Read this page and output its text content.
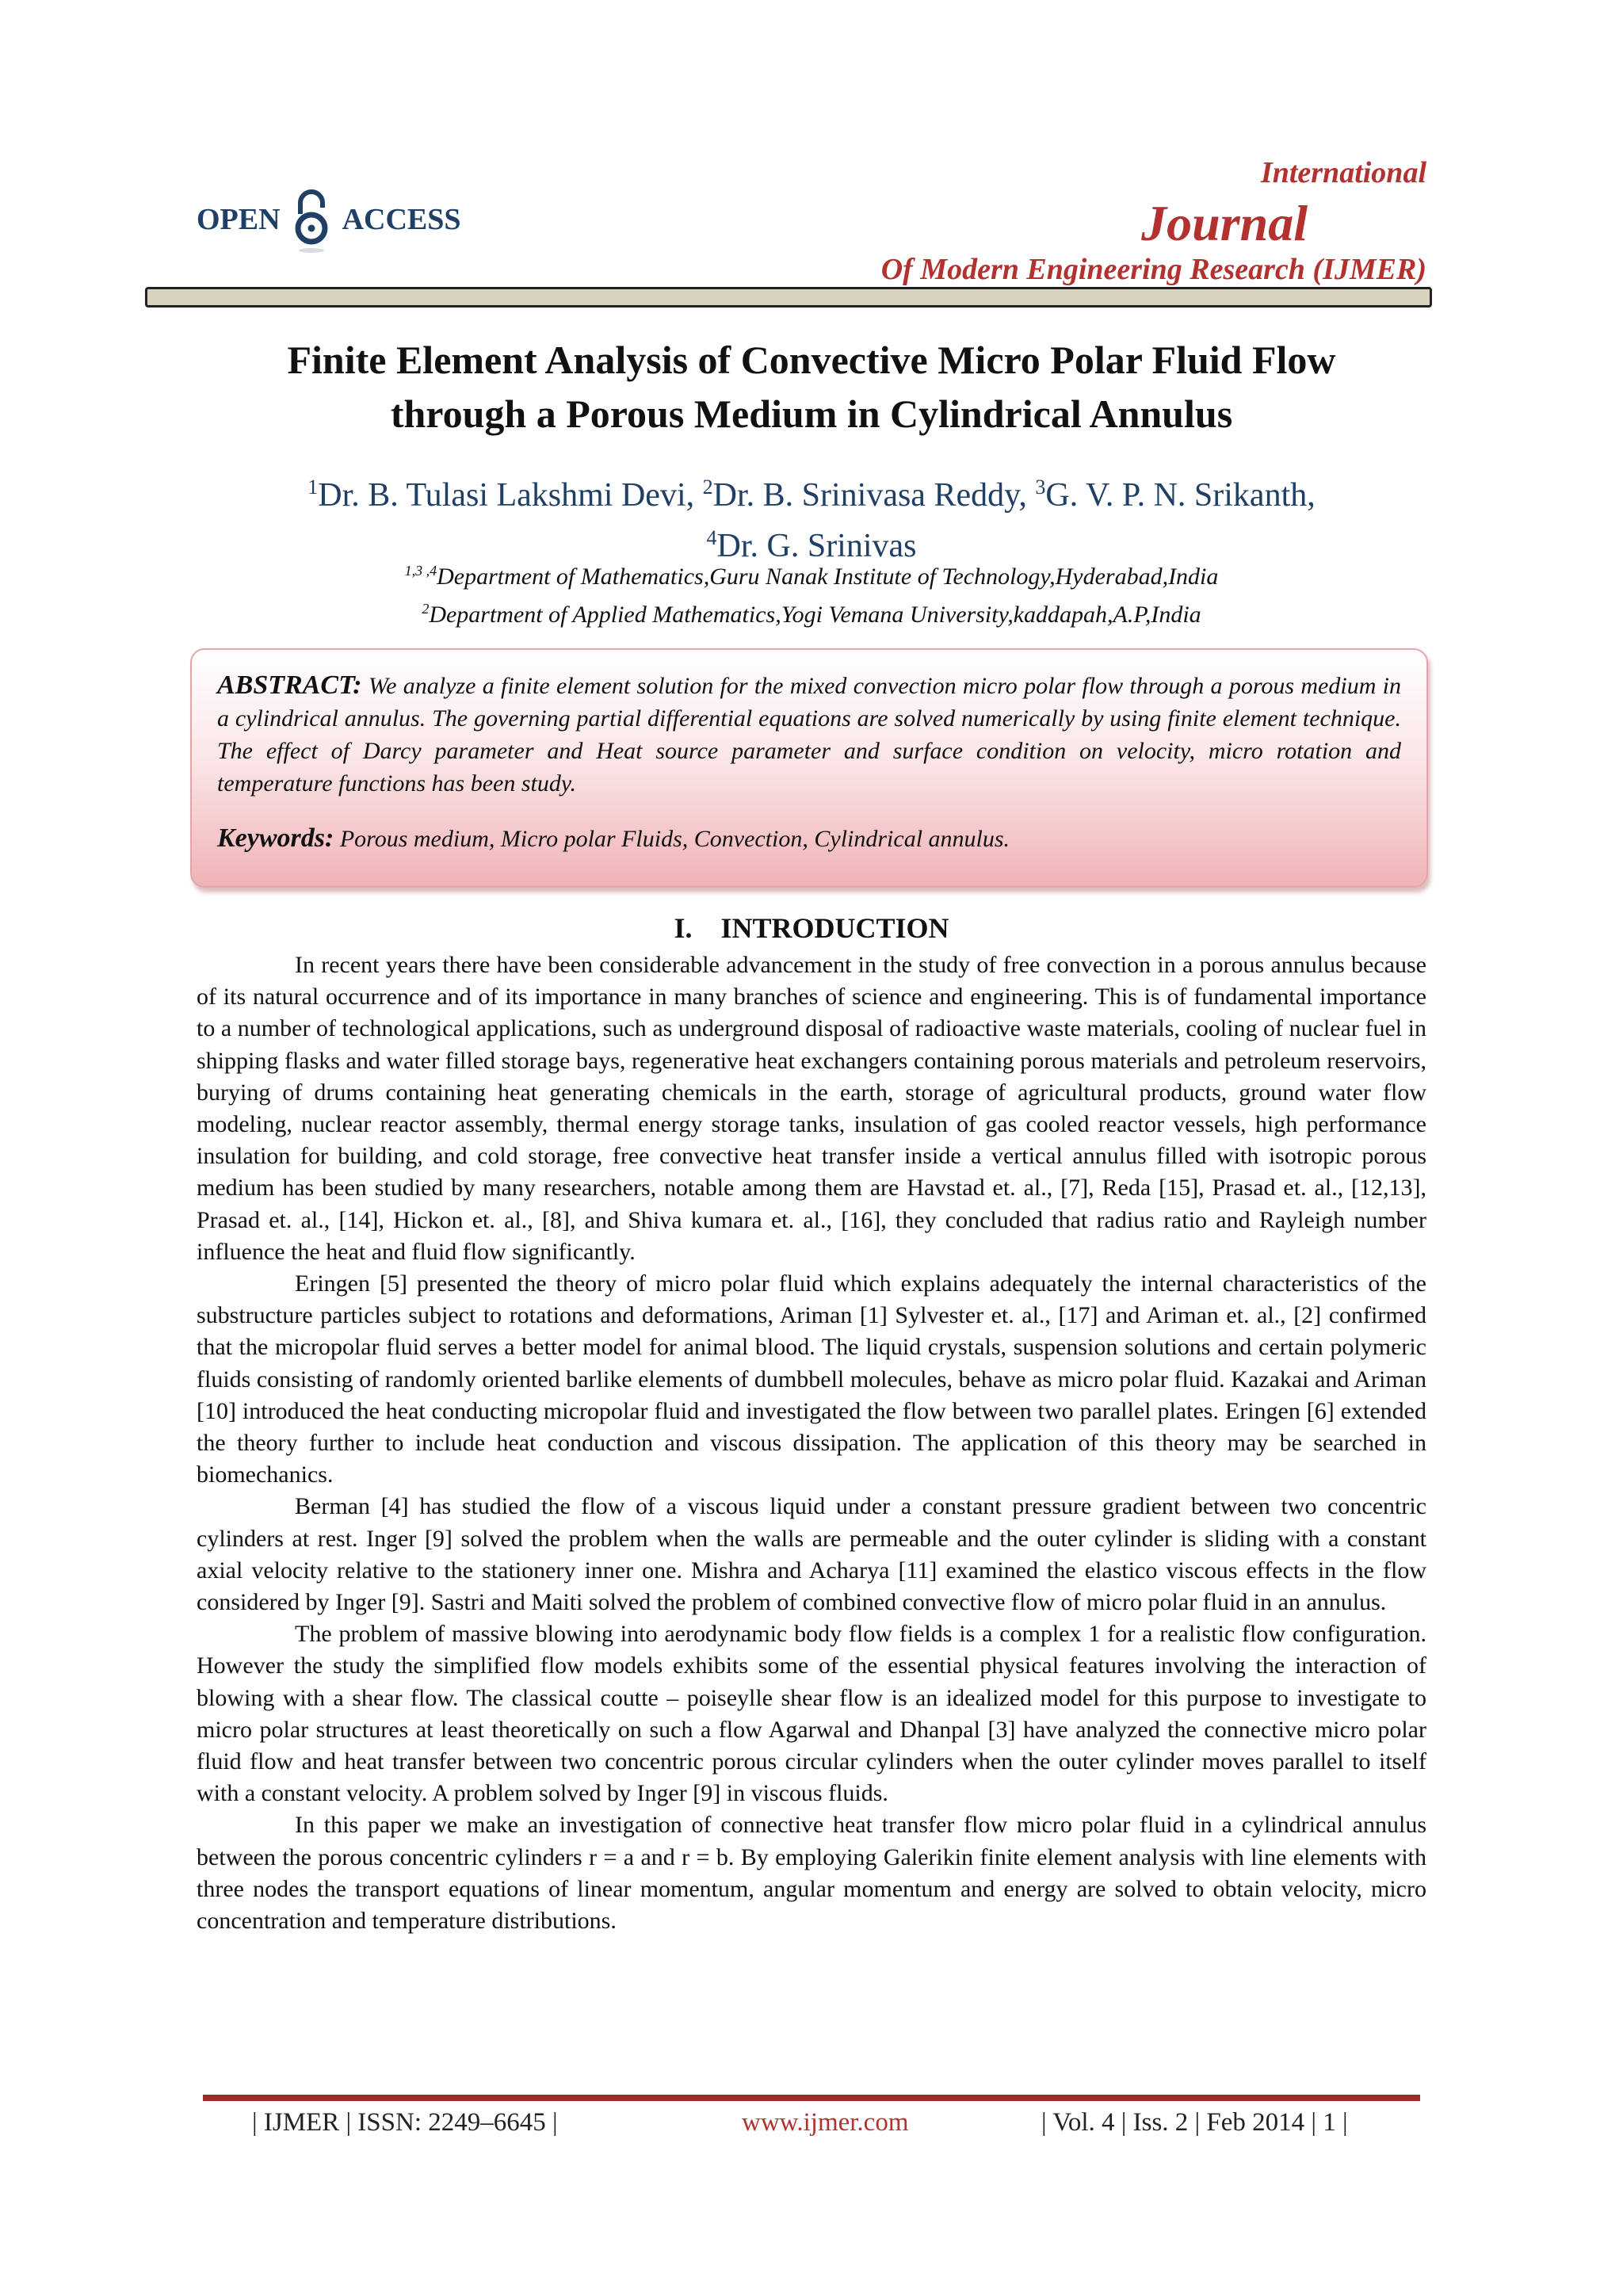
OPEN ACCESS
International
Journal
Of Modern Engineering Research (IJMER)
Finite Element Analysis of Convective Micro Polar Fluid Flow
through a Porous Medium in Cylindrical Annulus
$^1$Dr. B. Tulasi Lakshmi Devi, $^2$Dr. B. Srinivasa Reddy, $^3$G. V. P. N. Srikanth,
$^4$Dr. G. Srinivas
$^{1,3 ,4}$Department of Mathematics,Guru Nanak Institute of Technology,Hyderabad,India
$^2$Department of Applied Mathematics,Yogi Vemana University,kaddapah,A.P,India
ABSTRACT: We analyze a finite element solution for the mixed convection micro polar flow through a porous medium in a cylindrical annulus. The governing partial differential equations are solved numerically by using finite element technique. The effect of Darcy parameter and Heat source parameter and surface condition on velocity, micro rotation and temperature functions has been study.
Keywords: Porous medium, Micro polar Fluids, Convection, Cylindrical annulus.
I.    INTRODUCTION

In recent years there have been considerable advancement in the study of free convection in a porous annulus because of its natural occurrence and of its importance in many branches of science and engineering. This is of fundamental importance to a number of technological applications, such as underground disposal of radioactive waste materials, cooling of nuclear fuel in shipping flasks and water filled storage bays, regenerative heat exchangers containing porous materials and petroleum reservoirs, burying of drums containing heat generating chemicals in the earth, storage of agricultural products, ground water flow modeling, nuclear reactor assembly, thermal energy storage tanks, insulation of gas cooled reactor vessels, high performance insulation for building, and cold storage, free convective heat transfer inside a vertical annulus filled with isotropic porous medium has been studied by many researchers, notable among them are Havstad et. al., [7], Reda [15], Prasad et. al., [12,13], Prasad et. al., [14], Hickon et. al., [8], and Shiva kumara et. al., [16], they concluded that radius ratio and Rayleigh number influence the heat and fluid flow significantly.

Eringen [5] presented the theory of micro polar fluid which explains adequately the internal characteristics of the substructure particles subject to rotations and deformations, Ariman [1] Sylvester et. al., [17] and Ariman et. al., [2] confirmed that the micropolar fluid serves a better model for animal blood. The liquid crystals, suspension solutions and certain polymeric fluids consisting of randomly oriented barlike elements of dumbbell molecules, behave as micro polar fluid. Kazakai and Ariman [10] introduced the heat conducting micropolar fluid and investigated the flow between two parallel plates. Eringen [6] extended the theory further to include heat conduction and viscous dissipation. The application of this theory may be searched in biomechanics.

Berman [4] has studied the flow of a viscous liquid under a constant pressure gradient between two concentric cylinders at rest. Inger [9] solved the problem when the walls are permeable and the outer cylinder is sliding with a constant axial velocity relative to the stationery inner one. Mishra and Acharya [11] examined the elastico viscous effects in the flow considered by Inger [9]. Sastri and Maiti solved the problem of combined convective flow of micro polar fluid in an annulus.

The problem of massive blowing into aerodynamic body flow fields is a complex 1 for a realistic flow configuration. However the study the simplified flow models exhibits some of the essential physical features involving the interaction of blowing with a shear flow. The classical coutte – poiseylle shear flow is an idealized model for this purpose to investigate to micro polar structures at least theoretically on such a flow Agarwal and Dhanpal [3] have analyzed the connective micro polar fluid flow and heat transfer between two concentric porous circular cylinders when the outer cylinder moves parallel to itself with a constant velocity. A problem solved by Inger [9] in viscous fluids.

In this paper we make an investigation of connective heat transfer flow micro polar fluid in a cylindrical annulus between the porous concentric cylinders r = a and r = b. By employing Galerikin finite element analysis with line elements with three nodes the transport equations of linear momentum, angular momentum and energy are solved to obtain velocity, micro concentration and temperature distributions.

| IJMER | ISSN: 2249–6645 |	www.ijmer.com	| Vol. 4 | Iss. 2 | Feb 2014 | 1 |
